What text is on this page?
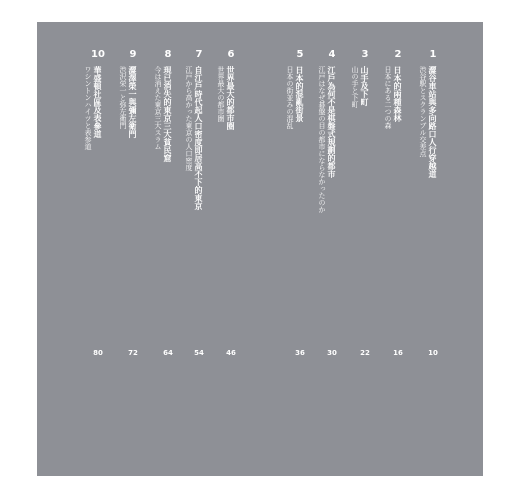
1
澀谷車站與多向路口人行穿越道
渋谷駅とスクランブル交差点
10
2
日本的兩種森林
日本にある二つの森
16
3
山手及下町
山の手と下町
22
4
江戶為何不是棋盤式規劃的都市
江戸はなぜ碁盤の目の都市にならなかったのか
30
5
日本的混亂街景
日本の街並みの混乱
36
6
世界最大的都市圈
世界最大の都市圏
46
7
自江戶時代起人口密度即居高不下的東京
江戸から高かった東京の人口密度
54
8
現已消失的東京三大貧民窟
今は消えた東京三大スラム
64
9
澀澤榮一與彌左衛門
渋沢栄一と弥左衛門
72
10
華盛頓社區及表參道
ワシントンハイツと表参道
80
